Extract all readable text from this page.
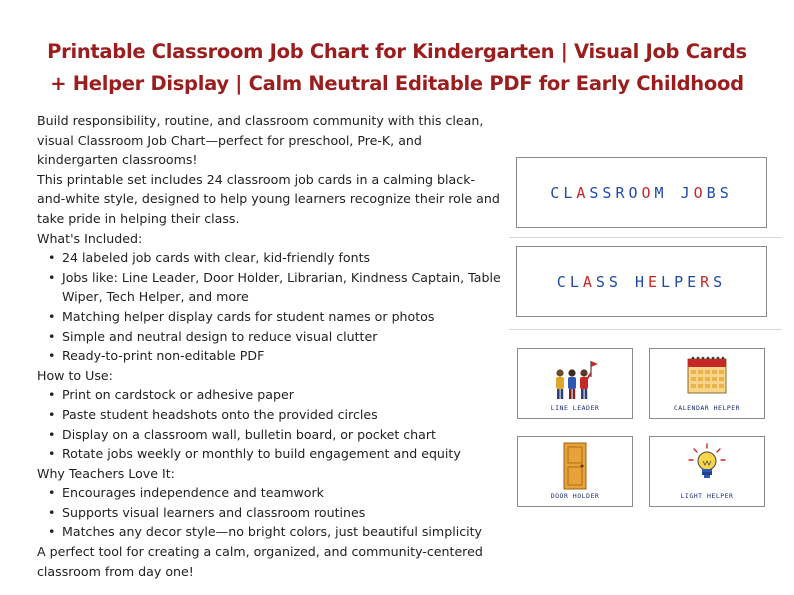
Printable Classroom Job Chart for Kindergarten | Visual Job Cards
+ Helper Display | Calm Neutral Editable PDF for Early Childhood

Build responsibility, routine, and classroom community with this clean, visual Classroom Job Chart—perfect for preschool, Pre-K, and kindergarten classrooms!

This printable set includes 24 classroom job cards in a calming black-and-white style, designed to help young learners recognize their role and take pride in helping their class.

What's Included:

• 24 labeled job cards with clear, kid-friendly fonts
• Jobs like: Line Leader, Door Holder, Librarian, Kindness Captain, Table Wiper, Tech Helper, and more
• Matching helper display cards for student names or photos
• Simple and neutral design to reduce visual clutter
• Ready-to-print non-editable PDF

How to Use:

• Print on cardstock or adhesive paper
• Paste student headshots onto the provided circles
• Display on a classroom wall, bulletin board, or pocket chart
• Rotate jobs weekly or monthly to build engagement and equity

Why Teachers Love It:

• Encourages independence and teamwork
• Supports visual learners and classroom routines
• Matches any decor style—no bright colors, just beautiful simplicity

A perfect tool for creating a calm, organized, and community-centered classroom from day one!

CLASSROOM JOBS
CLASS HELPERS
LINE LEADER	CALENDAR HELPER
DOOR HOLDER	LIGHT HELPER
